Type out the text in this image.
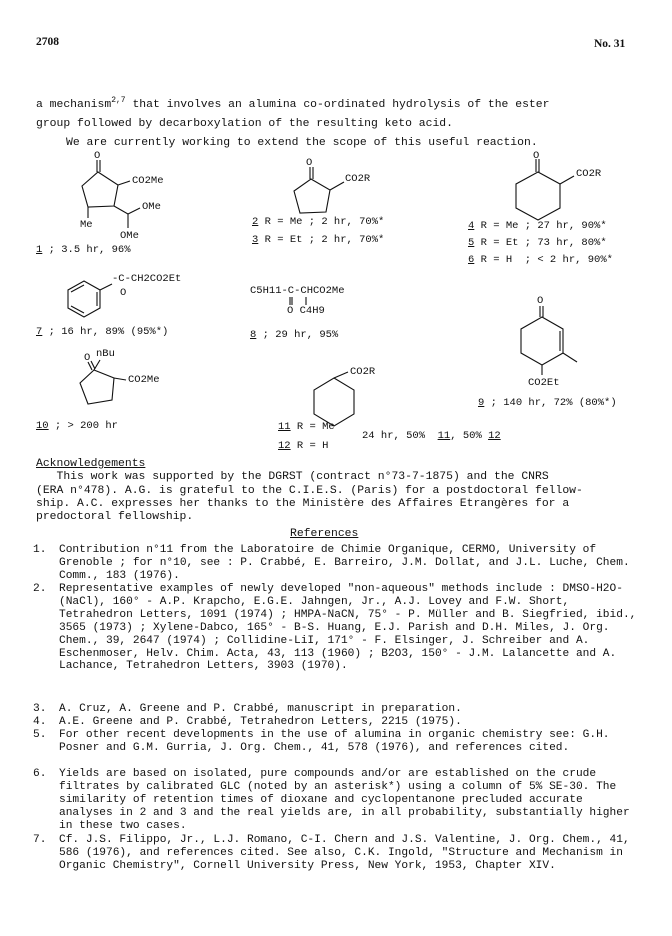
2708	No. 31
a mechanism$^{2,7}$ that involves an alumina co-ordinated hydrolysis of the ester
group followed by decarboxylation of the resulting keto acid.
We are currently working to extend the scope of this useful reaction.
O
CO2Me
OMe
Me
OMe
1 ; 3.5 hr, 96%
O
CO2R
2 R = Me ; 2 hr, 70%*
3 R = Et ; 2 hr, 70%*
O
CO2R
4 R = Me ; 27 hr, 90%*
5 R = Et ; 73 hr, 80%*
6 R = H  ; < 2 hr, 90%*
-C-CH2CO2Et
O
7 ; 16 hr, 89% (95%*)
C5H11-C-CHCO2Me
O C4H9
8 ; 29 hr, 95%
O
CO2Et
9 ; 140 hr, 72% (80%*)
nBu
O
CO2Me
10 ; > 200 hr
CO2R
11 R = Me
12 R = H
24 hr, 50% 11, 50% 12
Acknowledgements
This work was supported by the DGRST (contract n°73-7-1875) and the CNRS
(ERA n°478). A.G. is grateful to the C.I.E.S. (Paris) for a postdoctoral fellow-
ship. A.C. expresses her thanks to the Ministère des Affaires Etrangères for a
predoctoral fellowship.
References
1. Contribution n°11 from the Laboratoire de Chimie Organique, CERMO, University of Grenoble ; for n°10, see : P. Crabbé, E. Barreiro, J.M. Dollat, and J.L. Luche, Chem. Comm., 183 (1976).
2. Representative examples of newly developed "non-aqueous" methods include : DMSO-H2O-(NaCl), 160° - A.P. Krapcho, E.G.E. Jahngen, Jr., A.J. Lovey and F.W. Short, Tetrahedron Letters, 1091 (1974) ; HMPA-NaCN, 75° - P. Müller and B. Siegfried, ibid., 3565 (1973) ; Xylene-Dabco, 165° - B-S. Huang, E.J. Parish and D.H. Miles, J. Org. Chem., 39, 2647 (1974) ; Collidine-LiI, 171° - F. Elsinger, J. Schreiber and A. Eschenmoser, Helv. Chim. Acta, 43, 113 (1960) ; B2O3, 150° - J.M. Lalancette and A. Lachance, Tetrahedron Letters, 3903 (1970).
3. A. Cruz, A. Greene and P. Crabbé, manuscript in preparation.
4. A.E. Greene and P. Crabbé, Tetrahedron Letters, 2215 (1975).
5. For other recent developments in the use of alumina in organic chemistry see: G.H. Posner and G.M. Gurria, J. Org. Chem., 41, 578 (1976), and references cited.
6. Yields are based on isolated, pure compounds and/or are established on the crude filtrates by calibrated GLC (noted by an asterisk*) using a column of 5% SE-30. The similarity of retention times of dioxane and cyclopentanone precluded accurate analyses in 2 and 3 and the real yields are, in all probability, substantially higher in these two cases.
7. Cf. J.S. Filippo, Jr., L.J. Romano, C-I. Chern and J.S. Valentine, J. Org. Chem., 41, 586 (1976), and references cited. See also, C.K. Ingold, "Structure and Mechanism in Organic Chemistry", Cornell University Press, New York, 1953, Chapter XIV.
